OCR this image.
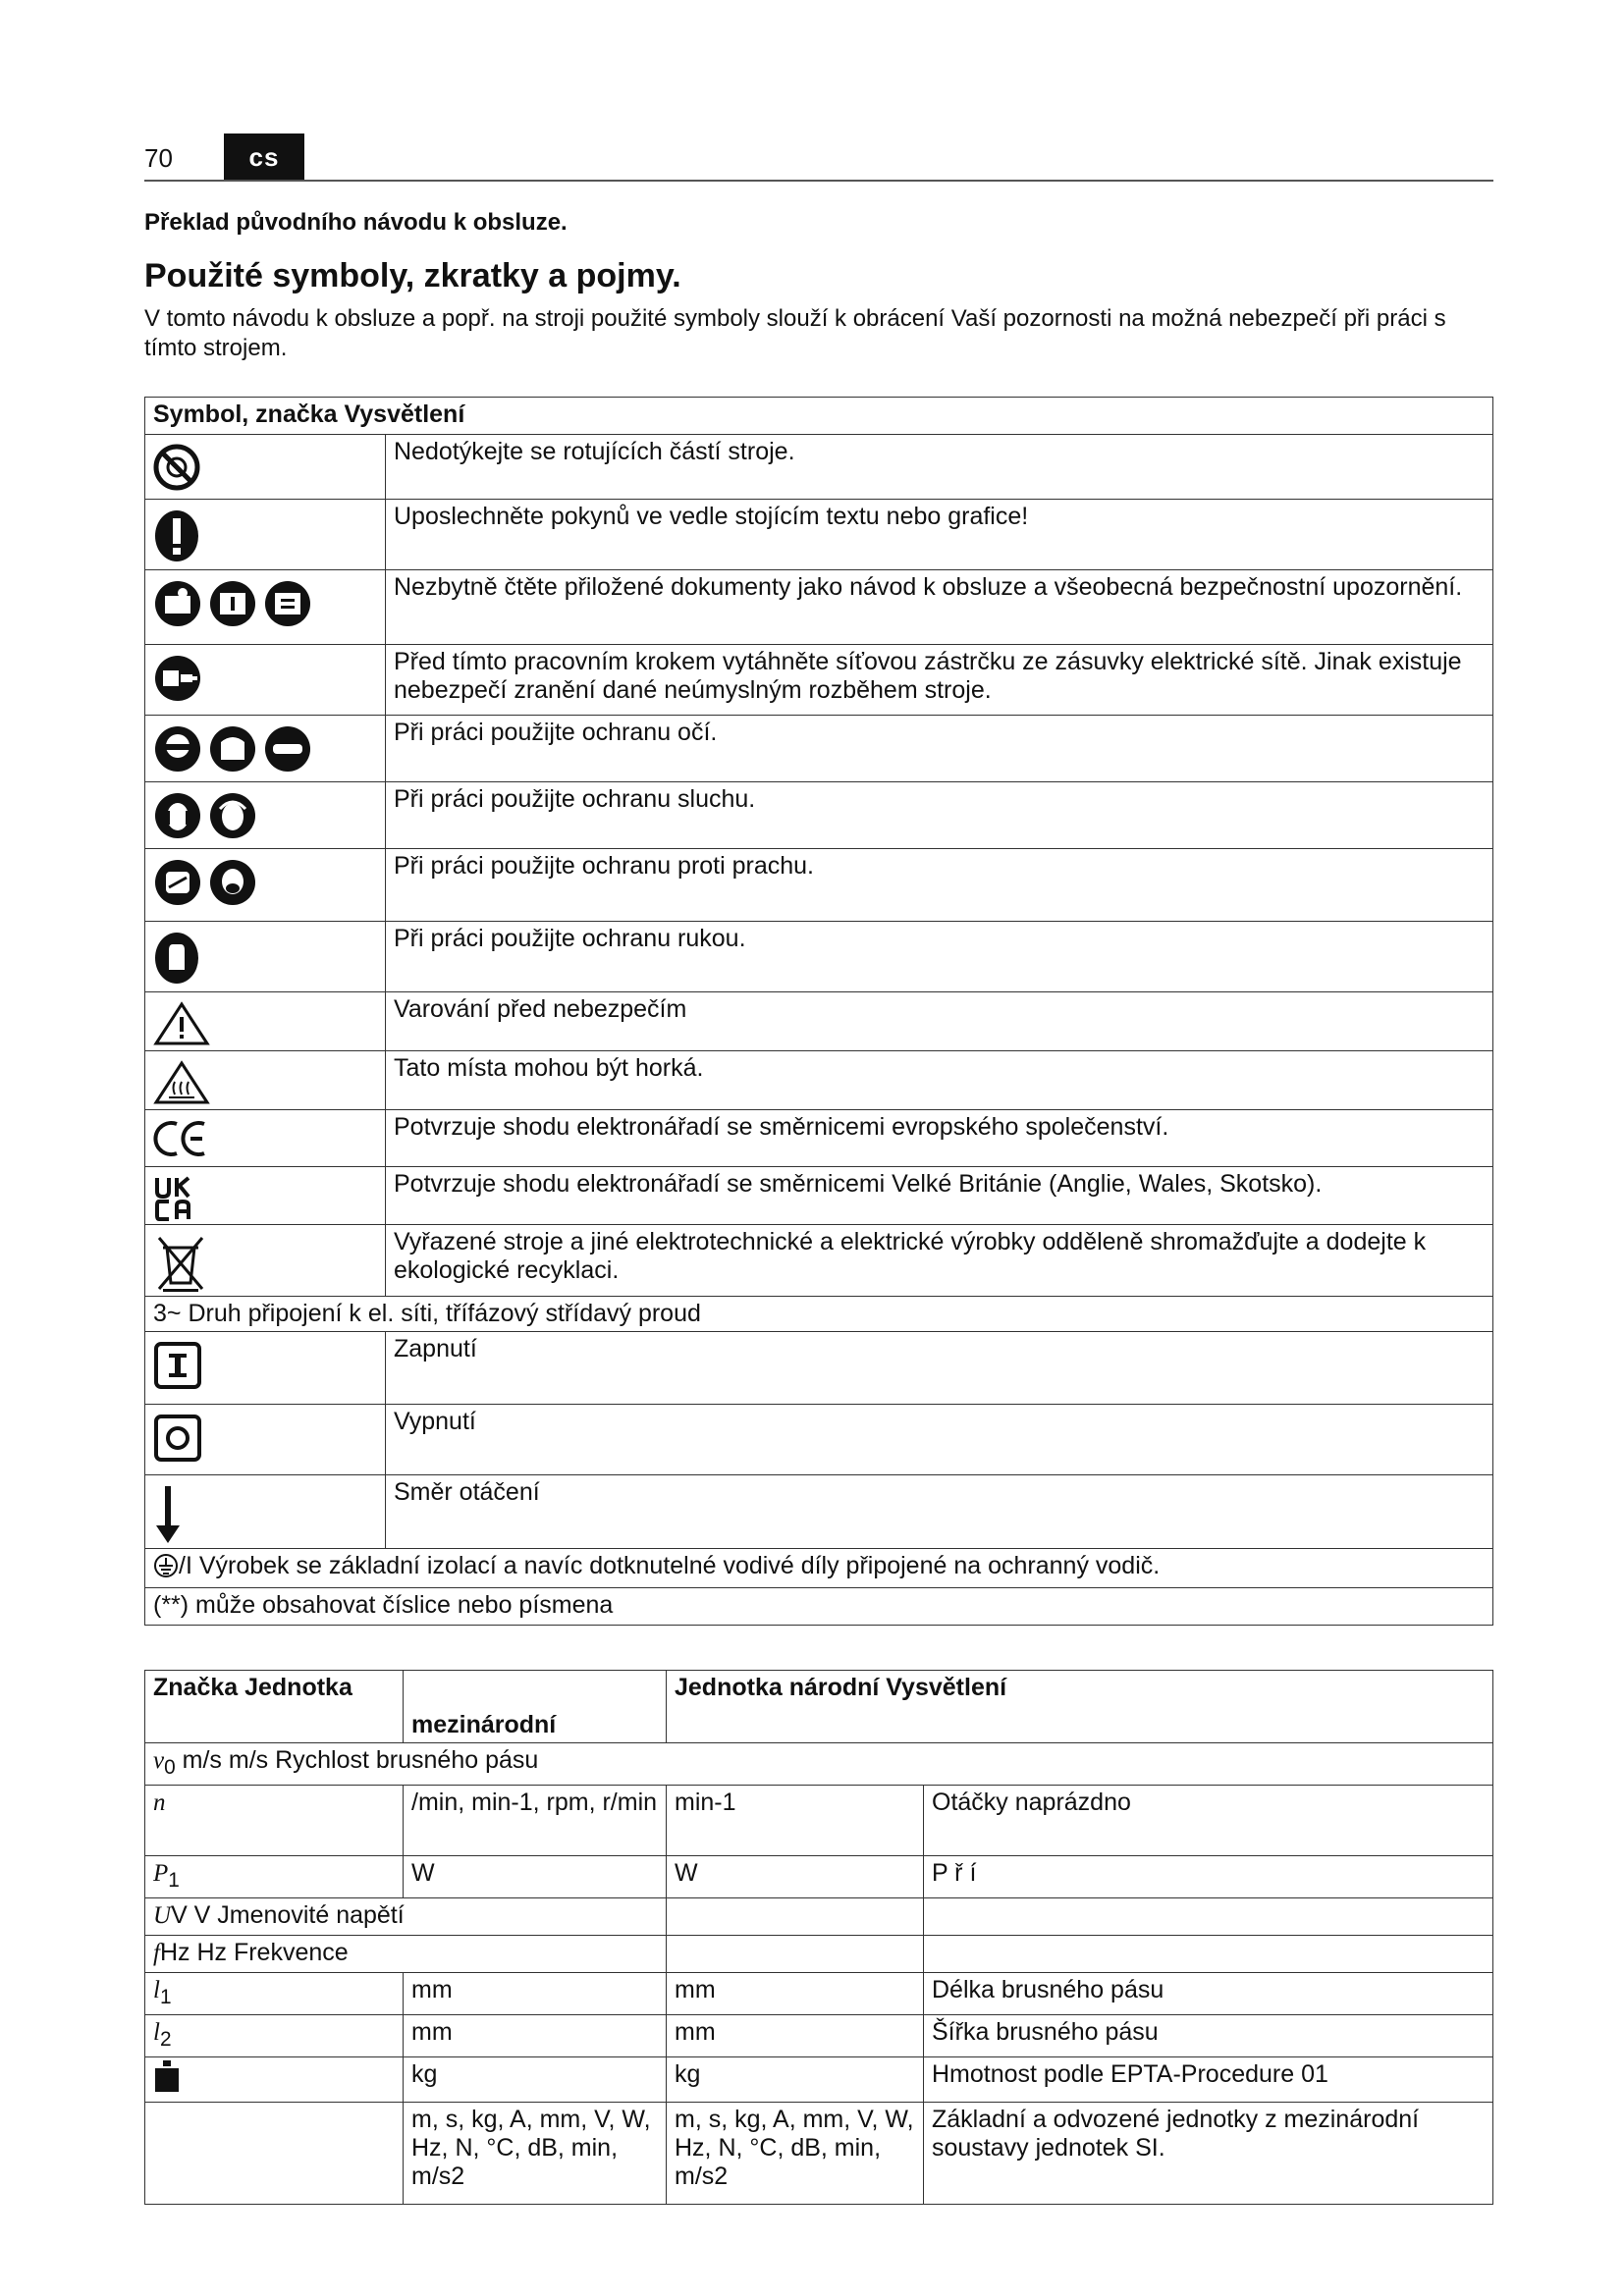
70	cs
Překlad původního návodu k obsluze.
Použité symboly, zkratky a pojmy.
V tomto návodu k obsluze a popř. na stroji použité symboly slouží k obrácení Vaší pozornosti na možná nebezpečí při práci s tímto strojem.
Symbol, značka Vysvětlení	

	Nedotýkejte se rotujících částí stroje.

	Uposlechněte pokynů ve vedle stojícím textu nebo grafice!

	Nezbytně čtěte přiložené dokumenty jako návod k obsluze a všeobecná bezpečnostní upozornění.

	Před tímto pracovním krokem vytáhněte síťovou zástrčku ze zásuvky elektrické sítě. Jinak existuje nebezpečí zranění dané neúmyslným rozběhem stroje.

	Při práci použijte ochranu očí.

	Při práci použijte ochranu sluchu.

	Při práci použijte ochranu proti prachu.

	Při práci použijte ochranu rukou.

	Varování před nebezpečím

	Tato místa mohou být horká.

	Potvrzuje shodu elektronářadí se směrnicemi evropského společenství.

	Potvrzuje shodu elektronářadí se směrnicemi Velké Británie (Anglie, Wales, Skotsko).

	Vyřazené stroje a jiné elektrotechnické a elektrické výrobky odděleně shromažďujte a dodejte k ekologické recyklaci.
3~ Druh připojení k el. síti, třífázový střídavý proud	

	Zapnutí

	Vypnutí

	Směr otáčení
/I Výrobek se základní izolací a navíc dotknutelné vodivé díly připojené na ochranný vodič.	
(**) může obsahovat číslice nebo písmena	
Značka Jednotka	mezinárodní	Jednotka národní Vysvětlení	
$v_0$ m/s m/s Rychlost brusného pásu			
n	/min, min-1, rpm, r/min	min-1	Otáčky naprázdno
$P_1$	W	W	P ř í
UV V Jmenovité napětí			
fHz Hz Frekvence			
$l_1$	mm	mm	Délka brusného pásu
$l_2$	mm	mm	Šířka brusného pásu
	kg	kg	Hmotnost podle EPTA-Procedure 01
	m, s, kg, A, mm, V, W, Hz, N, °C, dB, min, m/s2	m, s, kg, A, mm, V, W, Hz, N, °C, dB, min, m/s2	Základní a odvozené jednotky z mezinárodní soustavy jednotek SI.
